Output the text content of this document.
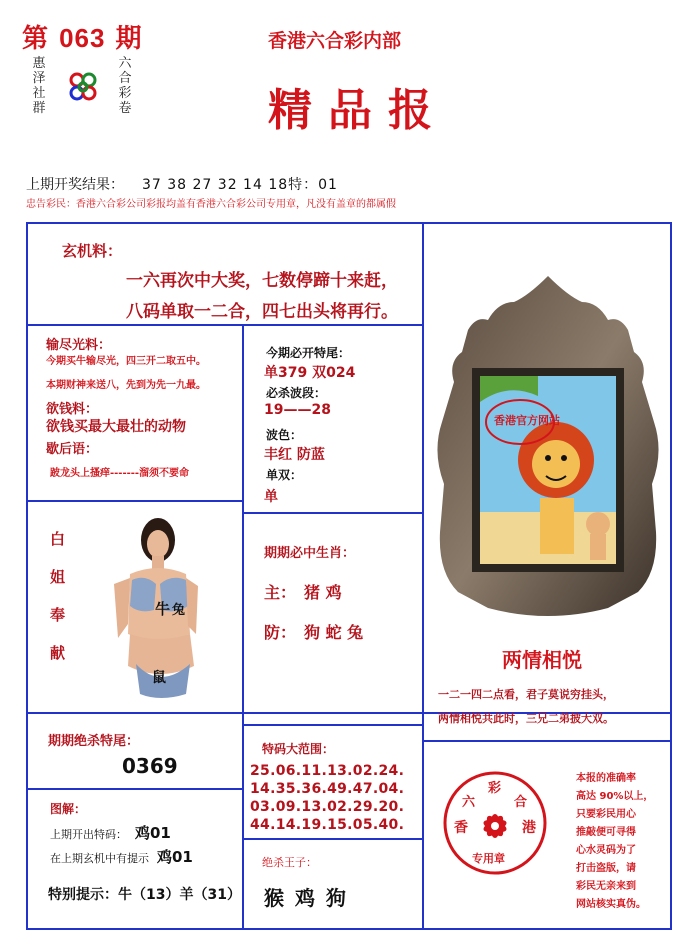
第 063 期
惠
泽
社
群
六
合
彩
卷
香港六合彩内部
精品报
上期开奖结果： 37 38 27 32 14 18特：01
忠告彩民：香港六合彩公司彩报均盖有香港六合彩公司专用章，凡没有盖章的都属假
玄机料：
一六再次中大奖，七数停蹄十来赶，
八码单取一二合，四七出头将再行。
输尽光料：
今期买牛输尽光，四三开二取五中。
本期财神来送八，先到为先一九最。
欲钱料：
欲钱买最大最壮的动物
歇后语：
跛龙头上搔痒-------溜须不要命
今期必开特尾：
单379 双024
必杀波段：
19——28
波色：
丰红 防蓝
单双：
单
白
姐
奉
献
牛 兔
鼠
期期必中生肖：
主： 猪 鸡
防： 狗 蛇 兔
香港官方网站
两情相悦
一二一四二点看，君子莫说穷挂头，
两情相悦共此时，三兄二弟披大双。
期期绝杀特尾：
0369
特码大范围：
25.06.11.13.02.24.
14.35.36.49.47.04.
03.09.13.02.29.20.
44.14.19.15.05.40.
图解：
上期开出特码： 鸡01
在上期玄机中有提示 鸡01
特别提示：牛（13）羊（31）
绝杀王子：
猴 鸡 狗
六
彩
合
香	港
专用章
本报的准确率
高达 90%以上，
只要彩民用心
推敲便可寻得
心水灵码为了
打击盗版，请
彩民无亲来到
网站核实真伪。
